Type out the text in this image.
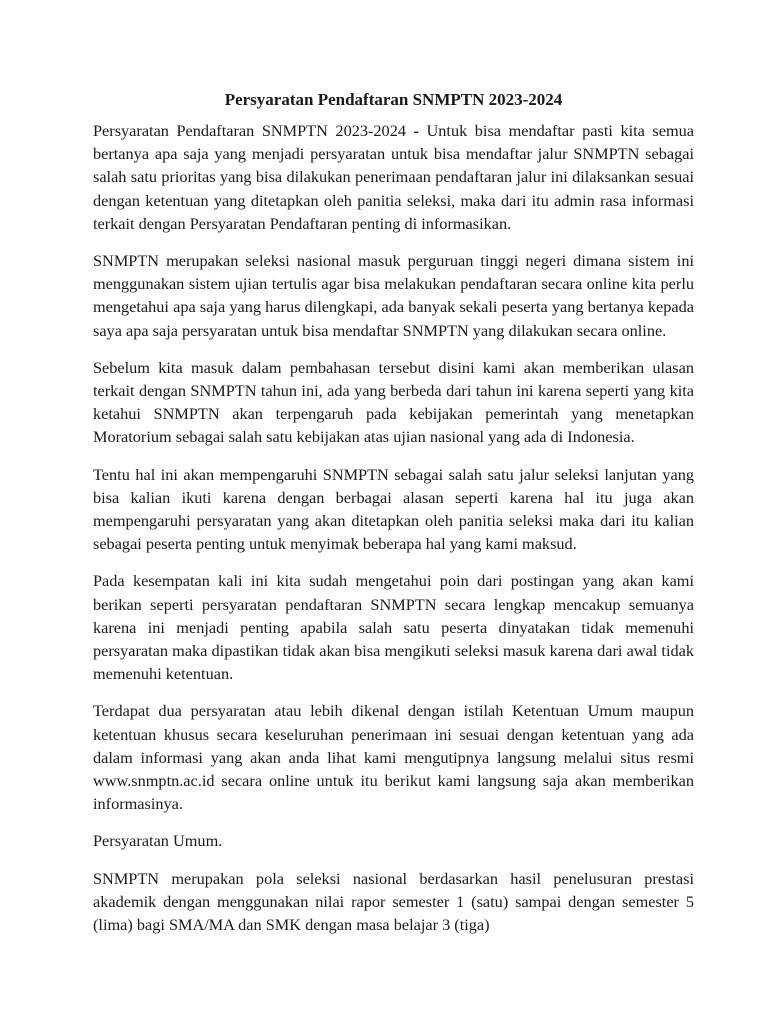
Persyaratan Pendaftaran SNMPTN 2023-2024

Persyaratan Pendaftaran SNMPTN 2023-2024 - Untuk bisa mendaftar pasti kita semua bertanya apa saja yang menjadi persyaratan untuk bisa mendaftar jalur SNMPTN sebagai salah satu prioritas yang bisa dilakukan penerimaan pendaftaran jalur ini dilaksankan sesuai dengan ketentuan yang ditetapkan oleh panitia seleksi, maka dari itu admin rasa informasi terkait dengan Persyaratan Pendaftaran penting di informasikan.

SNMPTN merupakan seleksi nasional masuk perguruan tinggi negeri dimana sistem ini menggunakan sistem ujian tertulis agar bisa melakukan pendaftaran secara online kita perlu mengetahui apa saja yang harus dilengkapi, ada banyak sekali peserta yang bertanya kepada saya apa saja persyaratan untuk bisa mendaftar SNMPTN yang dilakukan secara online.

Sebelum kita masuk dalam pembahasan tersebut disini kami akan memberikan ulasan terkait dengan SNMPTN tahun ini, ada yang berbeda dari tahun ini karena seperti yang kita ketahui SNMPTN akan terpengaruh pada kebijakan pemerintah yang menetapkan Moratorium sebagai salah satu kebijakan atas ujian nasional yang ada di Indonesia.

Tentu hal ini akan mempengaruhi SNMPTN sebagai salah satu jalur seleksi lanjutan yang bisa kalian ikuti karena dengan berbagai alasan seperti karena hal itu juga akan mempengaruhi persyaratan yang akan ditetapkan oleh panitia seleksi maka dari itu kalian sebagai peserta penting untuk menyimak beberapa hal yang kami maksud.

Pada kesempatan kali ini kita sudah mengetahui poin dari postingan yang akan kami berikan seperti persyaratan pendaftaran SNMPTN secara lengkap mencakup semuanya karena ini menjadi penting apabila salah satu peserta dinyatakan tidak memenuhi persyaratan maka dipastikan tidak akan bisa mengikuti seleksi masuk karena dari awal tidak memenuhi ketentuan.

Terdapat dua persyaratan atau lebih dikenal dengan istilah Ketentuan Umum maupun ketentuan khusus secara keseluruhan penerimaan ini sesuai dengan ketentuan yang ada dalam informasi yang akan anda lihat kami mengutipnya langsung melalui situs resmi www.snmptn.ac.id secara online untuk itu berikut kami langsung saja akan memberikan informasinya.

Persyaratan Umum.

SNMPTN merupakan pola seleksi nasional berdasarkan hasil penelusuran prestasi akademik dengan menggunakan nilai rapor semester 1 (satu) sampai dengan semester 5 (lima) bagi SMA/MA dan SMK dengan masa belajar 3 (tiga)
